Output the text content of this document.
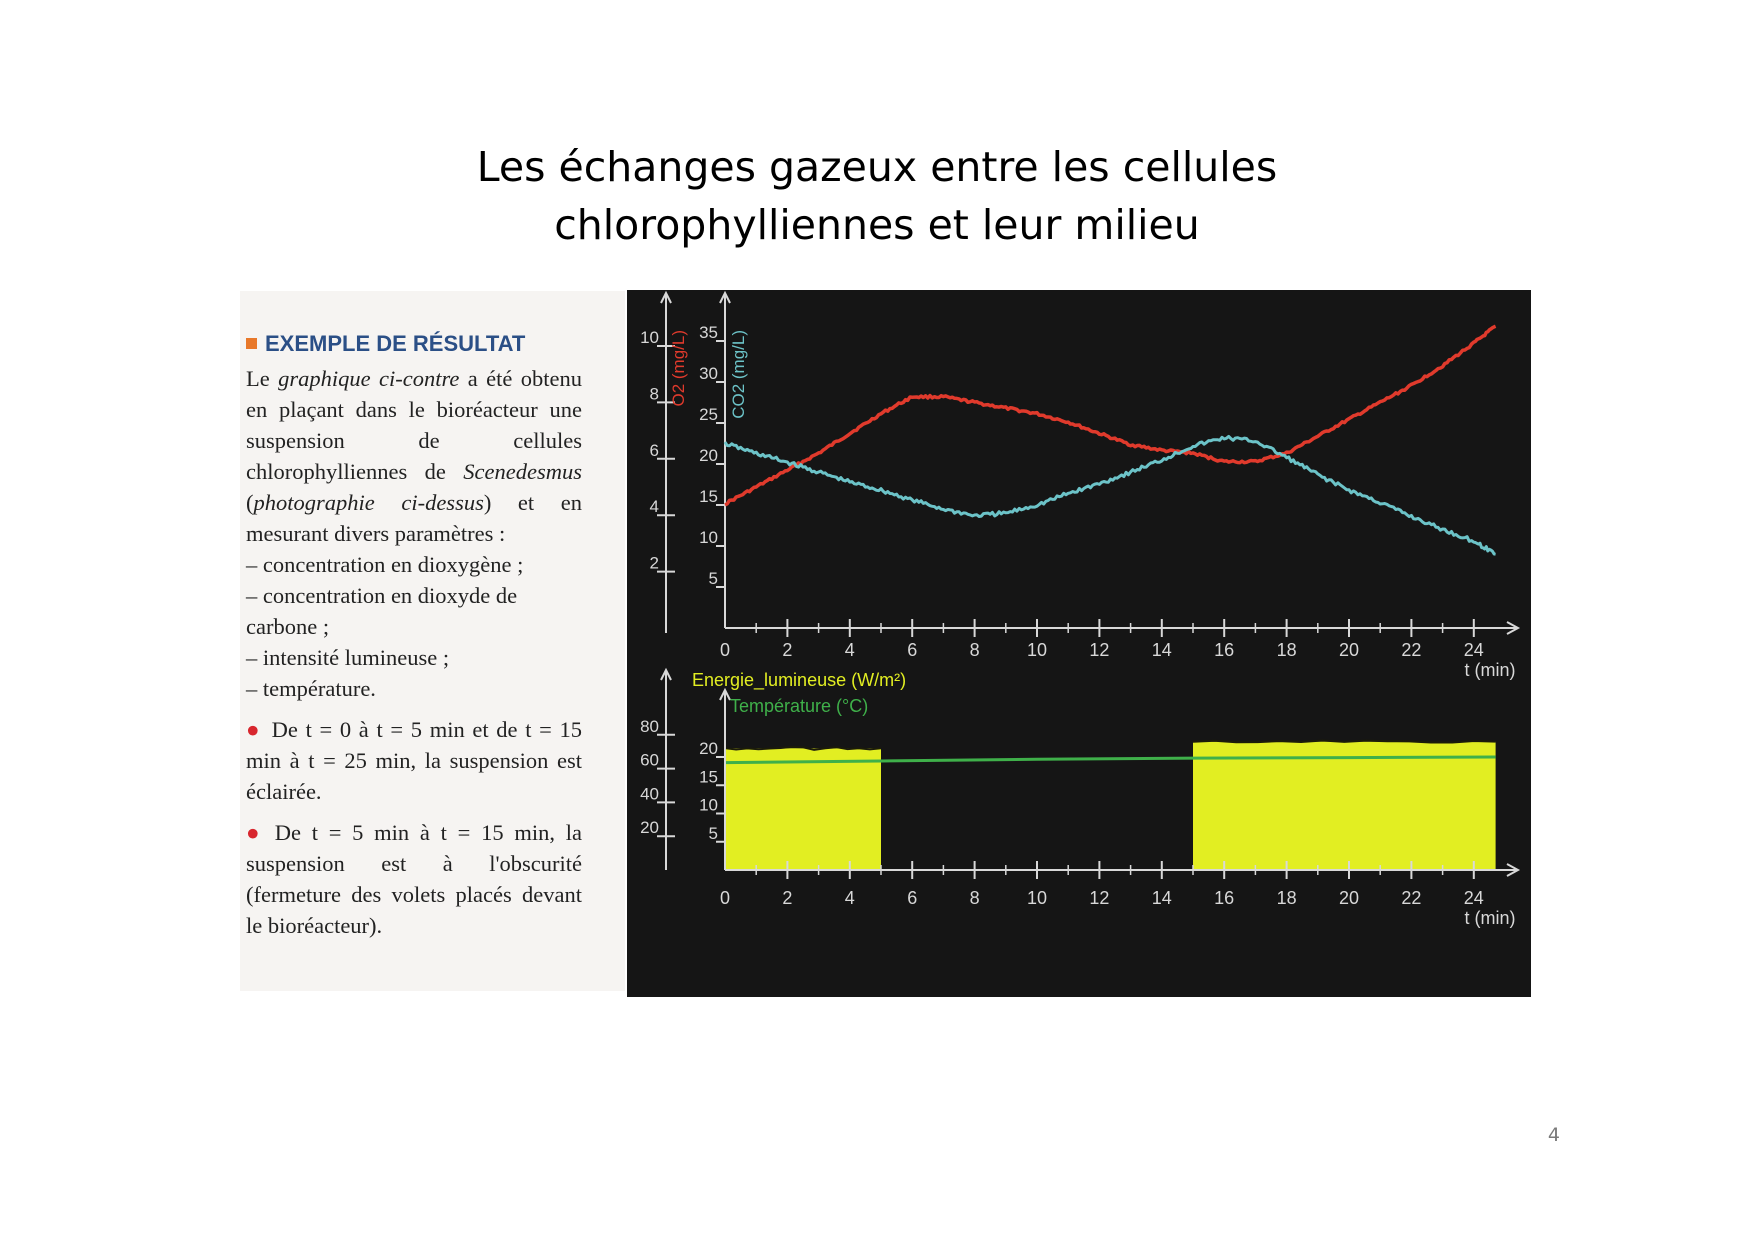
Les échanges gazeux entre les cellules
chlorophylliennes et leur milieu
EXEMPLE DE RÉSULTAT

Le graphique ci-contre a été obtenu en plaçant dans le bioréacteur une suspension de cellules chlorophylliennes de Scenedesmus (photographie ci-dessus) et en mesurant divers paramètres :

– concentration en dioxygène ;
– concentration en dioxyde de carbone ;
– intensité lumineuse ;
– température.

● De t = 0 à t = 5 min et de t = 15 min à t = 25 min, la suspension est éclairée.

● De t = 5 min à t = 15 min, la suspension est à l'obscurité (fermeture des volets placés devant le bioréacteur).

0	2	4	6	8	10 12 14 16 18 20 22 24
t (min)
2
4
6
8
10
5
10
15
20
25
30
35
O2 (mg/L) CO2 (mg/L)
0	2	4	6	8	10 12 14 16 18 20 22 24
t (min)
20
40
60
80
5
10
15
20
Energie_lumineuse (W/m²)
Température (°C)
4
